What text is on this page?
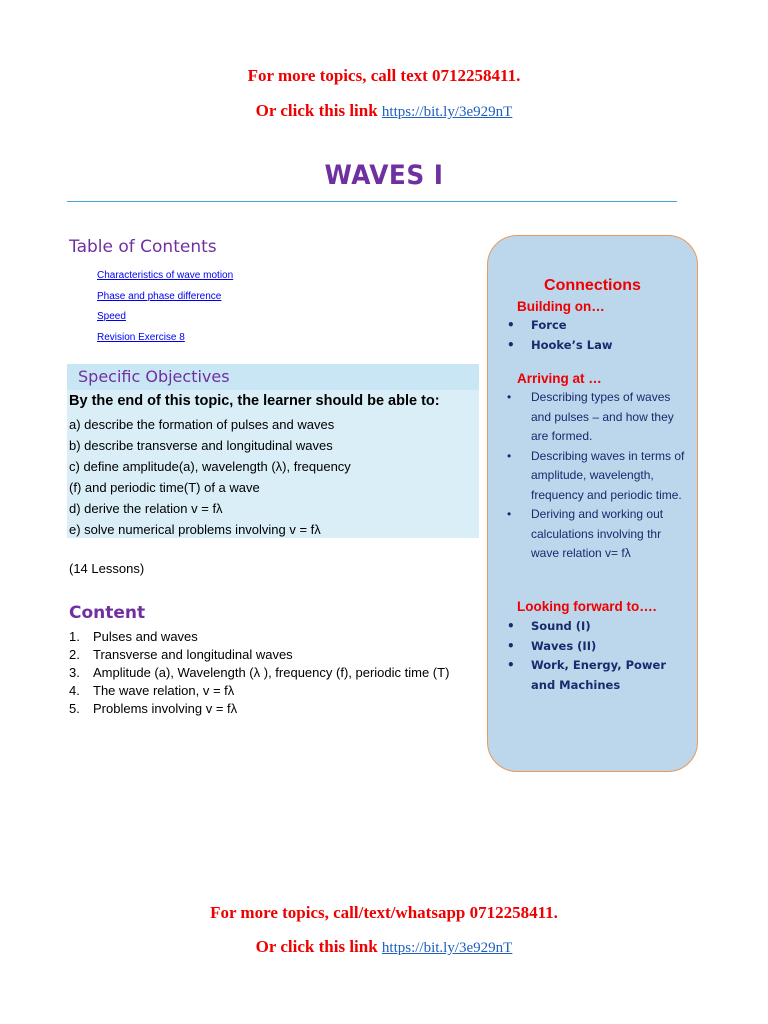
For more topics, call text 0712258411.
Or click this link https://bit.ly/3e929nT
WAVES I
Table of Contents
Characteristics of wave motion
Phase and phase difference
Speed
Revision Exercise 8
Specific Objectives
By the end of this topic, the learner should be able to:
a) describe the formation of pulses and waves
b) describe transverse and longitudinal waves
c) define amplitude(a), wavelength (λ), frequency
(f) and periodic time(T) of a wave
d) derive the relation v = fλ
e) solve numerical problems involving v = fλ
(14 Lessons)
Content
1. Pulses and waves
2. Transverse and longitudinal waves
3. Amplitude (a), Wavelength (λ ), frequency (f), periodic time (T)
4. The wave relation, v = fλ
5. Problems involving v = fλ
Connections
Building on…
• Force
• Hooke’s Law
Arriving at …
• Describing types of waves and pulses – and how they are formed.
• Describing waves in terms of amplitude, wavelength, frequency and periodic time.
• Deriving and working out calculations involving thr wave relation v= fλ
Looking forward to….
• Sound (I)
• Waves (II)
• Work, Energy, Power and Machines
For more topics, call/text/whatsapp 0712258411.
Or click this link https://bit.ly/3e929nT
